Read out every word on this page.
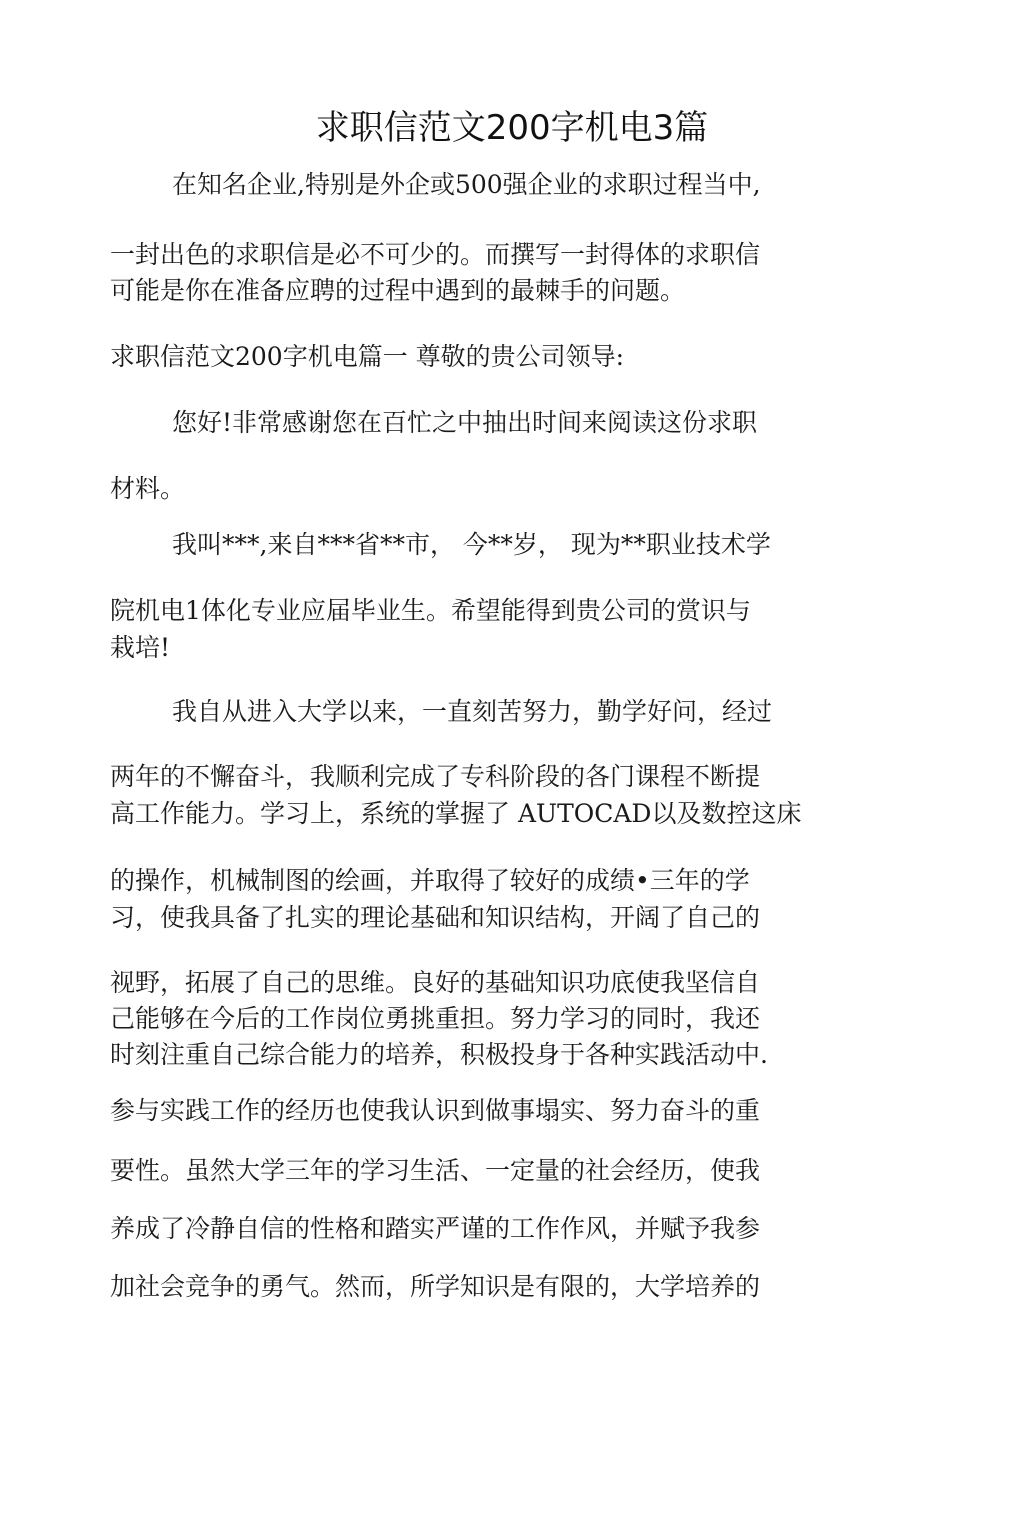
求职信范文200字机电3篇
在知名企业,特别是外企或500强企业的求职过程当中,
一封出色的求职信是必不可少的。而撰写一封得体的求职信
可能是你在准备应聘的过程中遇到的最棘手的问题。
求职信范文200字机电篇一 尊敬的贵公司领导:
您好!非常感谢您在百忙之中抽出时间来阅读这份求职
材料。
我叫***,来自***省**市， 今**岁， 现为**职业技术学
院机电1体化专业应届毕业生。希望能得到贵公司的赏识与
栽培!
我自从进入大学以来，一直刻苦努力，勤学好问，经过
两年的不懈奋斗，我顺利完成了专科阶段的各门课程不断提
高工作能力。学习上，系统的掌握了 AUTOCAD以及数控这床
的操作，机械制图的绘画，并取得了较好的成绩•三年的学
习，使我具备了扎实的理论基础和知识结构，开阔了自己的
视野，拓展了自己的思维。良好的基础知识功底使我坚信自
己能够在今后的工作岗位勇挑重担。努力学习的同时，我还
时刻注重自己综合能力的培养，积极投身于各种实践活动中.
参与实践工作的经历也使我认识到做事塌实、努力奋斗的重
要性。虽然大学三年的学习生活、一定量的社会经历，使我
养成了冷静自信的性格和踏实严谨的工作作风，并赋予我参
加社会竞争的勇气。然而，所学知识是有限的，大学培养的
